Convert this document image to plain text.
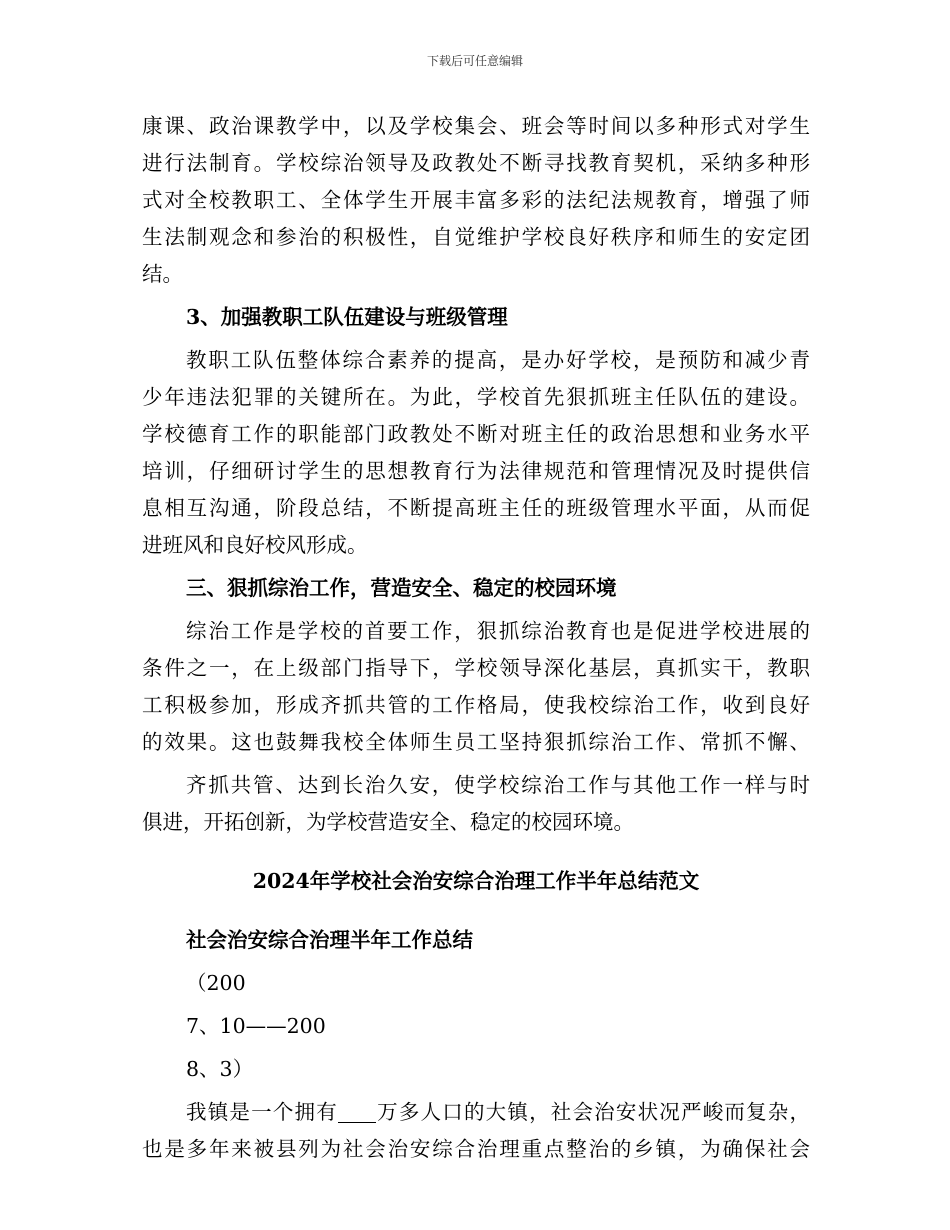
下载后可任意编辑
康课、政治课教学中，以及学校集会、班会等时间以多种形式对学生
进行法制育。学校综治领导及政教处不断寻找教育契机，采纳多种形
式对全校教职工、全体学生开展丰富多彩的法纪法规教育，增强了师
生法制观念和参治的积极性，自觉维护学校良好秩序和师生的安定团
结。
3、加强教职工队伍建设与班级管理
教职工队伍整体综合素养的提高，是办好学校，是预防和减少青
少年违法犯罪的关键所在。为此，学校首先狠抓班主任队伍的建设。
学校德育工作的职能部门政教处不断对班主任的政治思想和业务水平
培训，仔细研讨学生的思想教育行为法律规范和管理情况及时提供信
息相互沟通，阶段总结，不断提高班主任的班级管理水平面，从而促
进班风和良好校风形成。
三、狠抓综治工作，营造安全、稳定的校园环境
综治工作是学校的首要工作，狠抓综治教育也是促进学校进展的
条件之一，在上级部门指导下，学校领导深化基层，真抓实干，教职
工积极参加，形成齐抓共管的工作格局，使我校综治工作，收到良好
的效果。这也鼓舞我校全体师生员工坚持狠抓综治工作、常抓不懈、
齐抓共管、达到长治久安，使学校综治工作与其他工作一样与时
俱进，开拓创新，为学校营造安全、稳定的校园环境。
2024年学校社会治安综合治理工作半年总结范文
社会治安综合治理半年工作总结
（200
7、10——200
8、3）
我镇是一个拥有 万多人口的大镇，社会治安状况严峻而复杂，
也是多年来被县列为社会治安综合治理重点整治的乡镇，为确保社会
